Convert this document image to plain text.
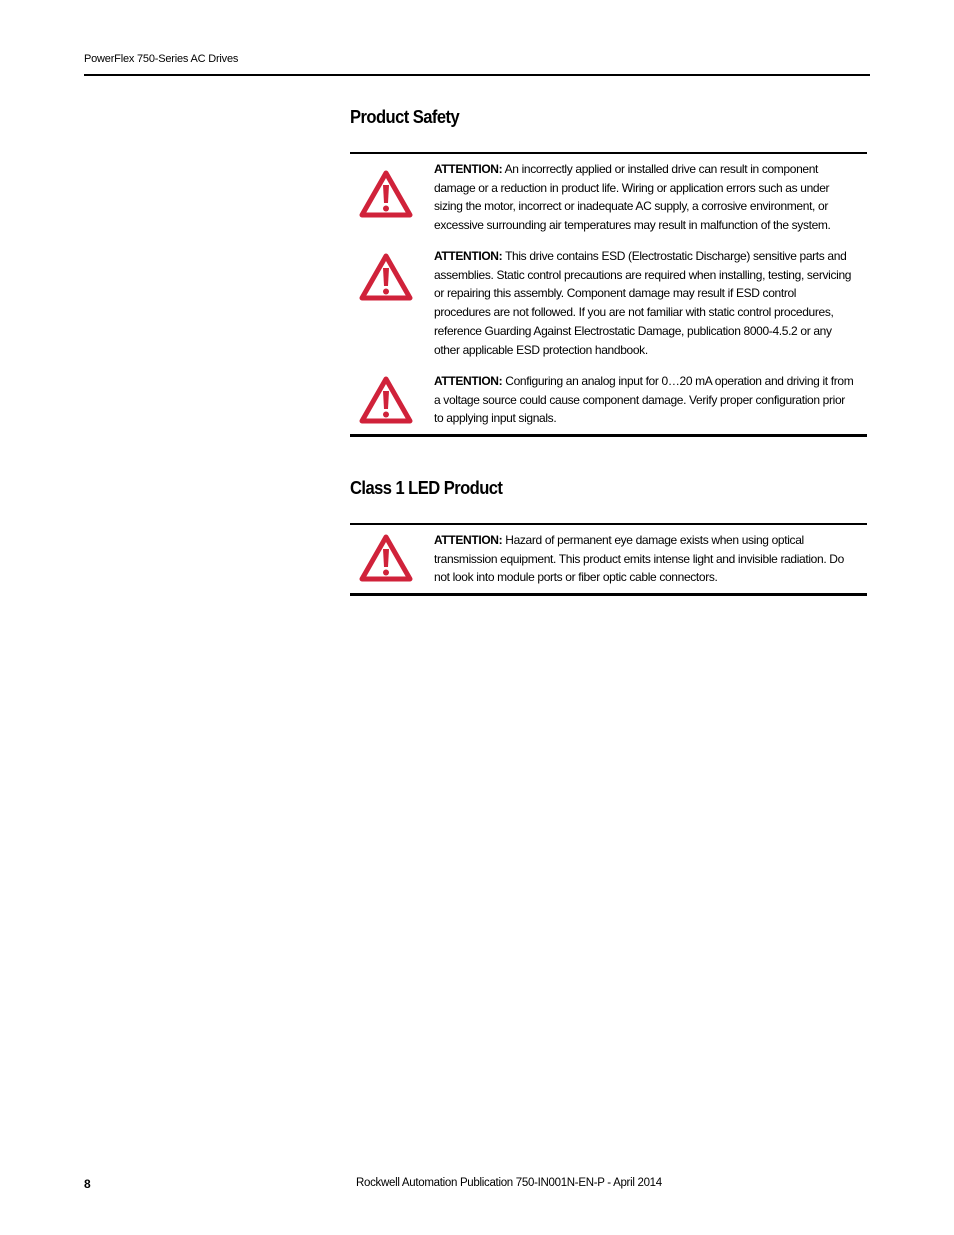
PowerFlex 750-Series AC Drives
Product Safety
ATTENTION: An incorrectly applied or installed drive can result in component damage or a reduction in product life. Wiring or application errors such as under sizing the motor, incorrect or inadequate AC supply, a corrosive environment, or excessive surrounding air temperatures may result in malfunction of the system.
ATTENTION: This drive contains ESD (Electrostatic Discharge) sensitive parts and assemblies. Static control precautions are required when installing, testing, servicing or repairing this assembly. Component damage may result if ESD control procedures are not followed. If you are not familiar with static control procedures, reference Guarding Against Electrostatic Damage, publication 8000-4.5.2 or any other applicable ESD protection handbook.
ATTENTION: Configuring an analog input for 0…20 mA operation and driving it from a voltage source could cause component damage. Verify proper configuration prior to applying input signals.
Class 1 LED Product
ATTENTION: Hazard of permanent eye damage exists when using optical transmission equipment. This product emits intense light and invisible radiation. Do not look into module ports or fiber optic cable connectors.
8	Rockwell Automation Publication 750-IN001N-EN-P - April 2014
